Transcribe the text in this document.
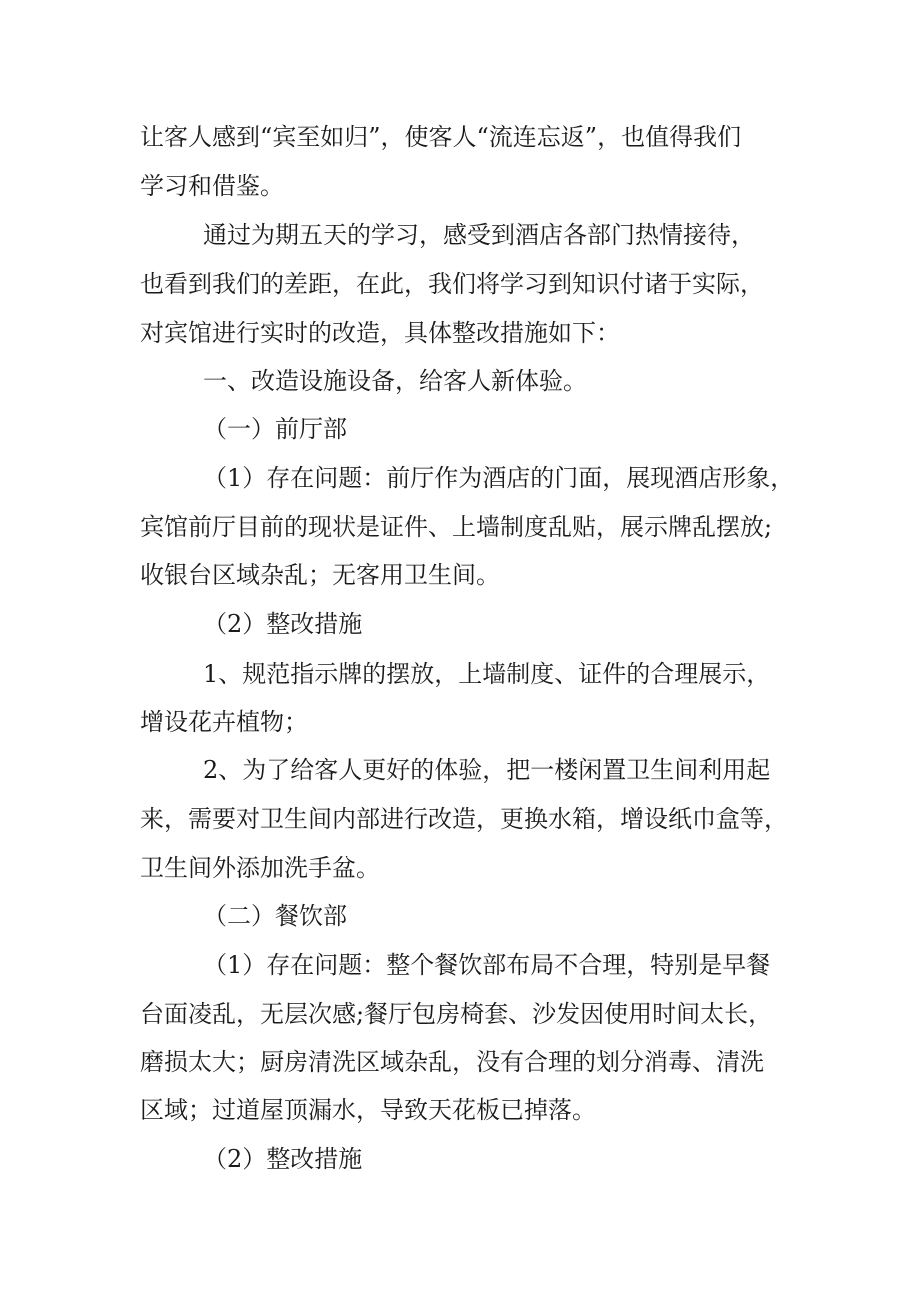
让客人感到“宾至如归”，使客人“流连忘返”，也值得我们
学习和借鉴。
通过为期五天的学习，感受到酒店各部门热情接待，
也看到我们的差距，在此，我们将学习到知识付诸于实际，
对宾馆进行实时的改造，具体整改措施如下：
一、改造设施设备，给客人新体验。
（一）前厅部
（1）存在问题：前厅作为酒店的门面，展现酒店形象，
宾馆前厅目前的现状是证件、上墙制度乱贴，展示牌乱摆放;
收银台区域杂乱；无客用卫生间。
（2）整改措施
1、规范指示牌的摆放，上墙制度、证件的合理展示，
增设花卉植物；
2、为了给客人更好的体验，把一楼闲置卫生间利用起
来，需要对卫生间内部进行改造，更换水箱，增设纸巾盒等，
卫生间外添加洗手盆。
（二）餐饮部
（1）存在问题：整个餐饮部布局不合理，特别是早餐
台面凌乱，无层次感;餐厅包房椅套、沙发因使用时间太长，
磨损太大；厨房清洗区域杂乱，没有合理的划分消毒、清洗
区域；过道屋顶漏水，导致天花板已掉落。
（2）整改措施
